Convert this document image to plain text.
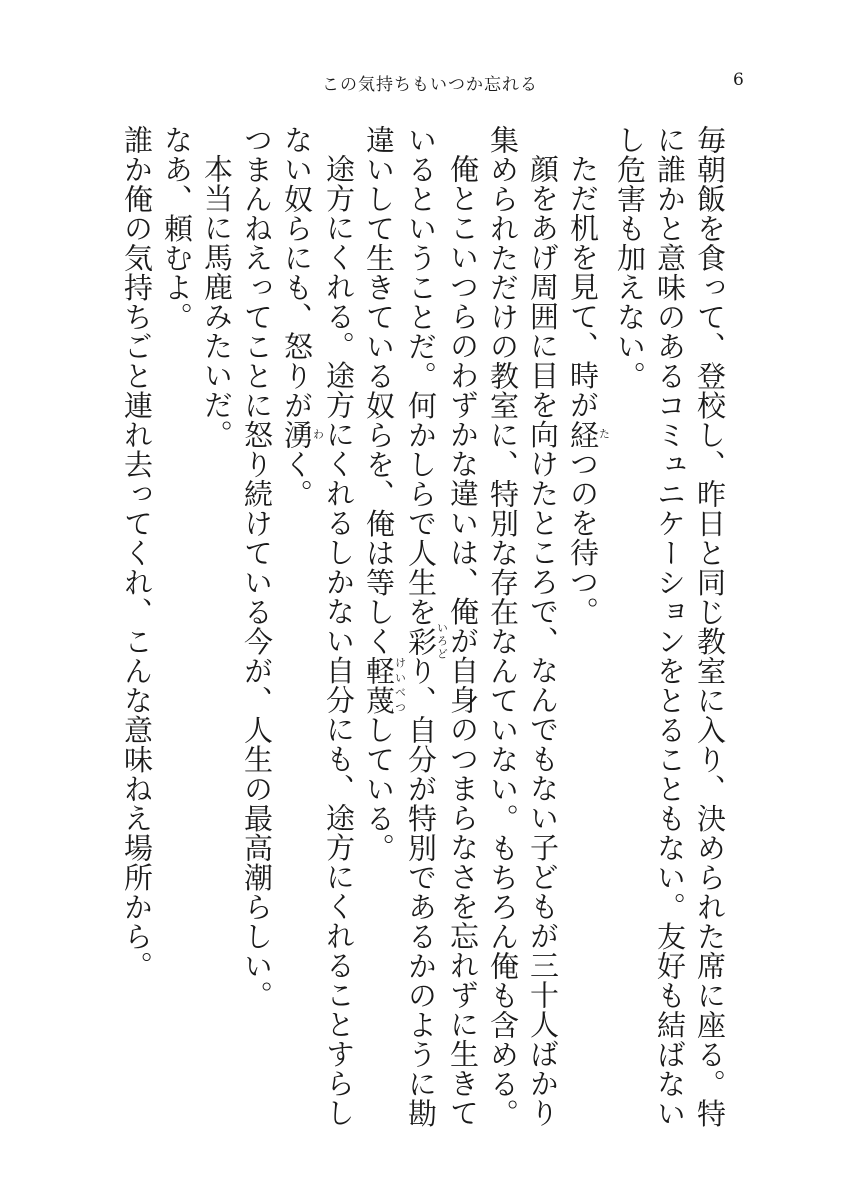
この気持ちもいつか忘れる	6

毎朝飯を食って、登校し、昨日と同じ教室に入り、決められた席に座る。特に誰かと意味のあるコミュニケーションをとることもない。友好も結ばないし危害も加えない。

ただ机を見て、時が経たつのを待つ。

顔をあげ周囲に目を向けたところで、なんでもない子どもが三十人ばかり集められただけの教室に、特別な存在なんていない。もちろん俺も含める。

俺とこいつらのわずかな違いは、俺が自身のつまらなさを忘れずに生きているということだ。何かしらで人生を彩いろどり、自分が特別であるかのように勘違いして生きている奴らを、俺は等しく軽蔑けいべつしている。

途方にくれる。途方にくれるしかない自分にも、途方にくれることすらしない奴らにも、怒りが湧わく。

つまんねえってことに怒り続けている今が、人生の最高潮らしい。

本当に馬鹿みたいだ。

なあ、頼むよ。

誰か俺の気持ちごと連れ去ってくれ、こんな意味ねえ場所から。
